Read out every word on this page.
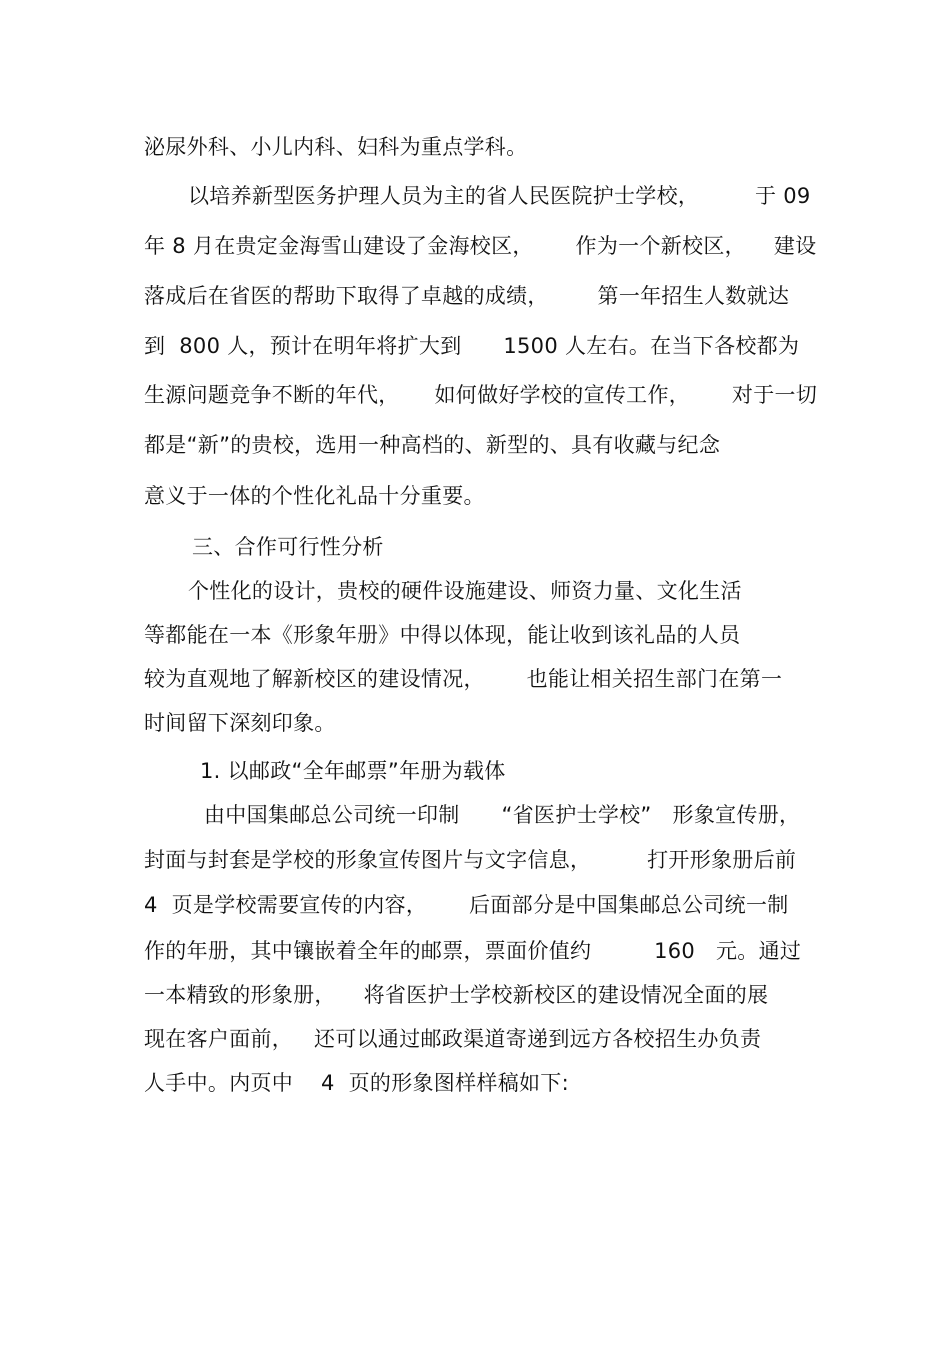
泌尿外科、小儿内科、妇科为重点学科。
以培养新型医务护理人员为主的省人民医院护士学校，        于 09
年 8 月在贵定金海雪山建设了金海校区，      作为一个新校区，    建设
落成后在省医的帮助下取得了卓越的成绩，       第一年招生人数就达
到  800 人，预计在明年将扩大到      1500 人左右。在当下各校都为
生源问题竞争不断的年代，     如何做好学校的宣传工作，      对于一切
都是“新”的贵校，选用一种高档的、新型的、具有收藏与纪念
意义于一体的个性化礼品十分重要。
三、合作可行性分析
个性化的设计，贵校的硬件设施建设、师资力量、文化生活
等都能在一本《形象年册》中得以体现，能让收到该礼品的人员
较为直观地了解新校区的建设情况，      也能让相关招生部门在第一
时间留下深刻印象。
1. 以邮政“全年邮票”年册为载体
由中国集邮总公司统一印制      “省医护士学校”   形象宣传册，
封面与封套是学校的形象宣传图片与文字信息，        打开形象册后前
4  页是学校需要宣传的内容，      后面部分是中国集邮总公司统一制
作的年册，其中镶嵌着全年的邮票，票面价值约         160   元。通过
一本精致的形象册，    将省医护士学校新校区的建设情况全面的展
现在客户面前，   还可以通过邮政渠道寄递到远方各校招生办负责
人手中。内页中    4  页的形象图样样稿如下:
